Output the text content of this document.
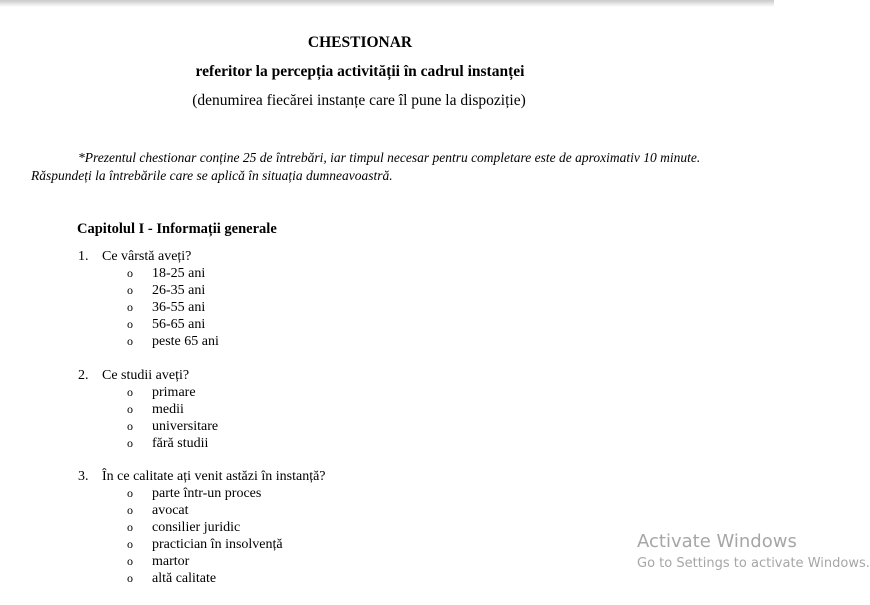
CHESTIONAR
referitor la percepția activității în cadrul instanței
(denumirea fiecărei instanțe care îl pune la dispoziție)
*Prezentul chestionar conține 25 de întrebări, iar timpul necesar pentru completare este de aproximativ 10 minute. Răspundeți la întrebările care se aplică în situația dumneavoastră.
Capitolul I - Informații generale
1. Ce vârstă aveți?
o 18-25 ani
o 26-35 ani
o 36-55 ani
o 56-65 ani
o peste 65 ani
2. Ce studii aveți?
o primare
o medii
o universitare
o fără studii
3. În ce calitate ați venit astăzi în instanță?
o parte într-un proces
o avocat
o consilier juridic
o practician în insolvență
o martor
o altă calitate
Activate Windows
Go to Settings to activate Windows.
